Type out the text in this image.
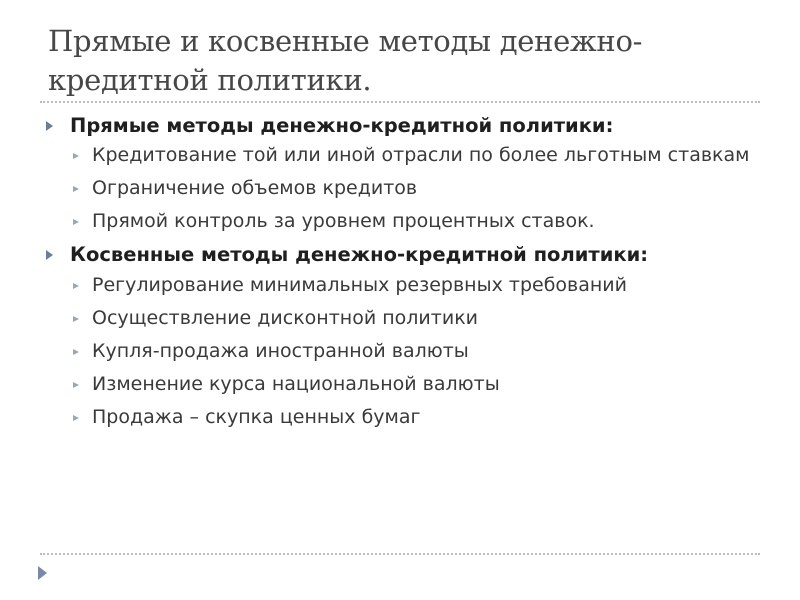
Прямые и косвенные методы денежно-кредитной политики.
Прямые методы денежно-кредитной политики:
Кредитование той или иной отрасли по более льготным ставкам
Ограничение объемов кредитов
Прямой контроль за уровнем процентных ставок.
Косвенные методы денежно-кредитной политики:
Регулирование минимальных резервных требований
Осуществление дисконтной политики
Купля-продажа иностранной валюты
Изменение курса национальной валюты
Продажа – скупка ценных бумаг
